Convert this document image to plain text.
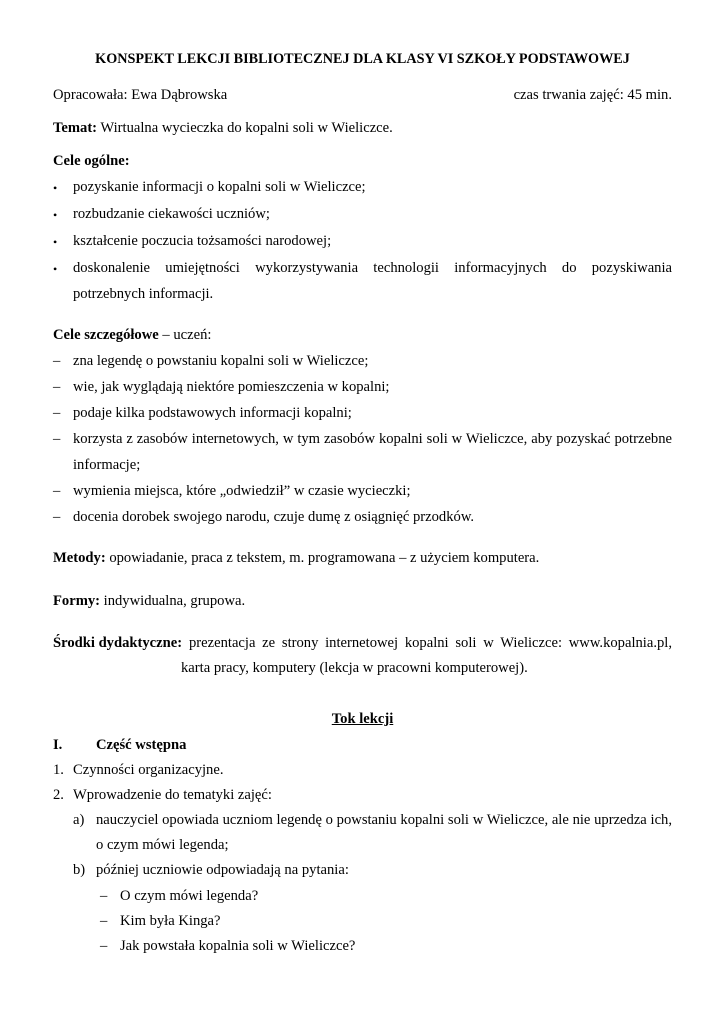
KONSPEKT LEKCJI BIBLIOTECZNEJ DLA KLASY VI SZKOŁY PODSTAWOWEJ
Opracowała: Ewa Dąbrowska	czas trwania zajęć: 45 min.
Temat: Wirtualna wycieczka do kopalni soli w Wieliczce.
Cele ogólne:
• pozyskanie informacji o kopalni soli w Wieliczce;
• rozbudzanie ciekawości uczniów;
• kształcenie poczucia tożsamości narodowej;
• doskonalenie umiejętności wykorzystywania technologii informacyjnych do pozyskiwania
potrzebnych informacji.
Cele szczegółowe – uczeń:
– zna legendę o powstaniu kopalni soli w Wieliczce;
– wie, jak wyglądają niektóre pomieszczenia w kopalni;
– podaje kilka podstawowych informacji kopalni;
– korzysta z zasobów internetowych, w tym zasobów kopalni soli w Wieliczce, aby pozyskać potrzebne
informacje;
– wymienia miejsca, które „odwiedził” w czasie wycieczki;
– docenia dorobek swojego narodu, czuje dumę z osiągnięć przodków.
Metody: opowiadanie, praca z tekstem, m. programowana – z użyciem komputera.
Formy: indywidualna, grupowa.
Środki dydaktyczne: prezentacja ze strony internetowej kopalni soli w Wieliczce: www.kopalnia.pl,
karta pracy, komputery (lekcja w pracowni komputerowej).
Tok lekcji
I. Część wstępna
1. Czynności organizacyjne.
2. Wprowadzenie do tematyki zajęć:
a) nauczyciel opowiada uczniom legendę o powstaniu kopalni soli w Wieliczce, ale nie uprzedza ich,
o czym mówi legenda;
b) później uczniowie odpowiadają na pytania:
– O czym mówi legenda?
– Kim była Kinga?
– Jak powstała kopalnia soli w Wieliczce?
